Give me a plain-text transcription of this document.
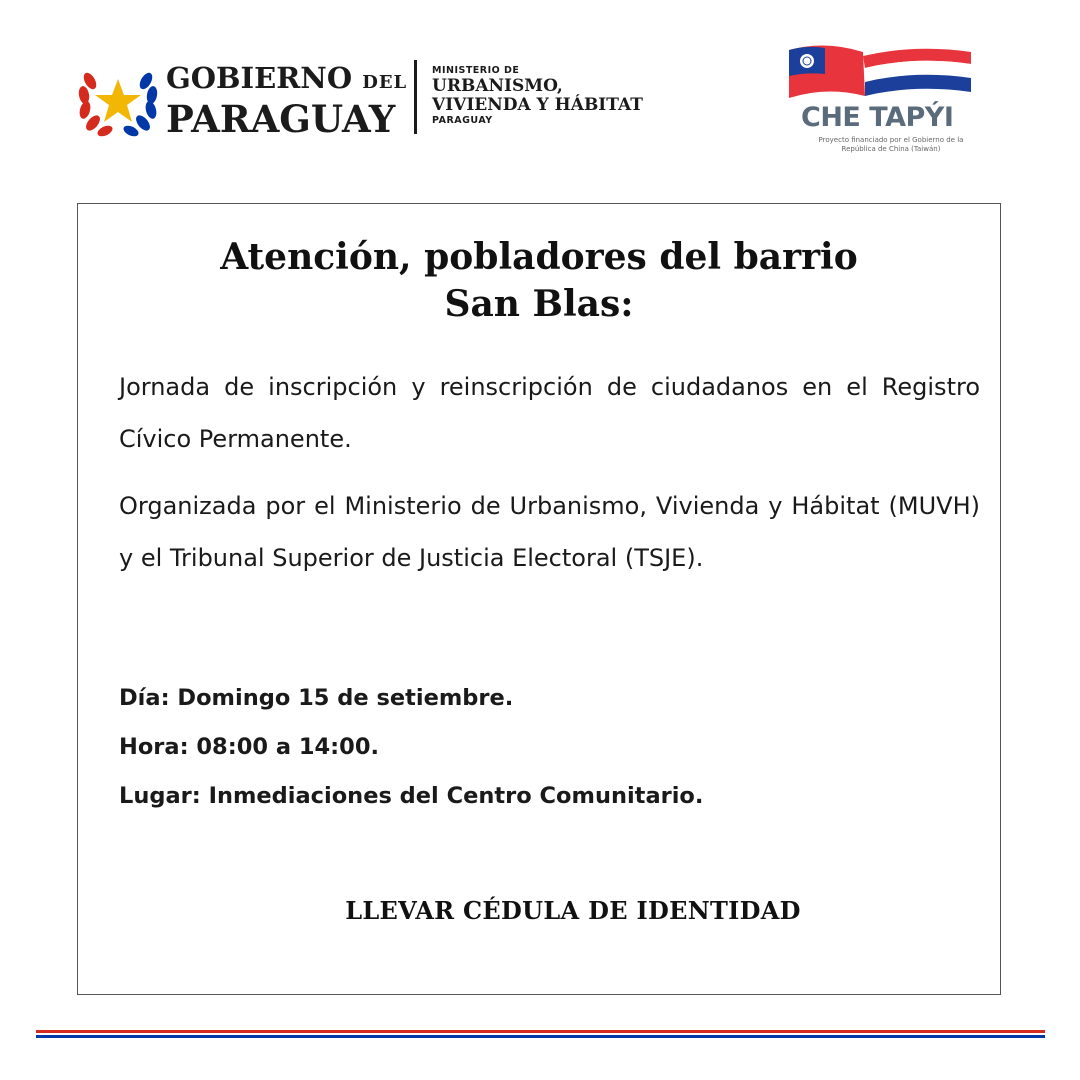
GOBIERNO DEL
PARAGUAY
MINISTERIO DE
URBANISMO,
VIVIENDA Y HÁBITAT
PARAGUAY	CHE TAPÝI
Proyecto financiado por el Gobierno de la República de China (Taiwán)
Atención, pobladores del barrio
San Blas:
Jornada de inscripción y reinscripción de ciudadanos en el Registro Cívico Permanente.
Organizada por el Ministerio de Urbanismo, Vivienda y Hábitat (MUVH) y el Tribunal Superior de Justicia Electoral (TSJE).
Día: Domingo 15 de setiembre.
Hora: 08:00 a 14:00.
Lugar: Inmediaciones del Centro Comunitario.
LLEVAR CÉDULA DE IDENTIDAD
